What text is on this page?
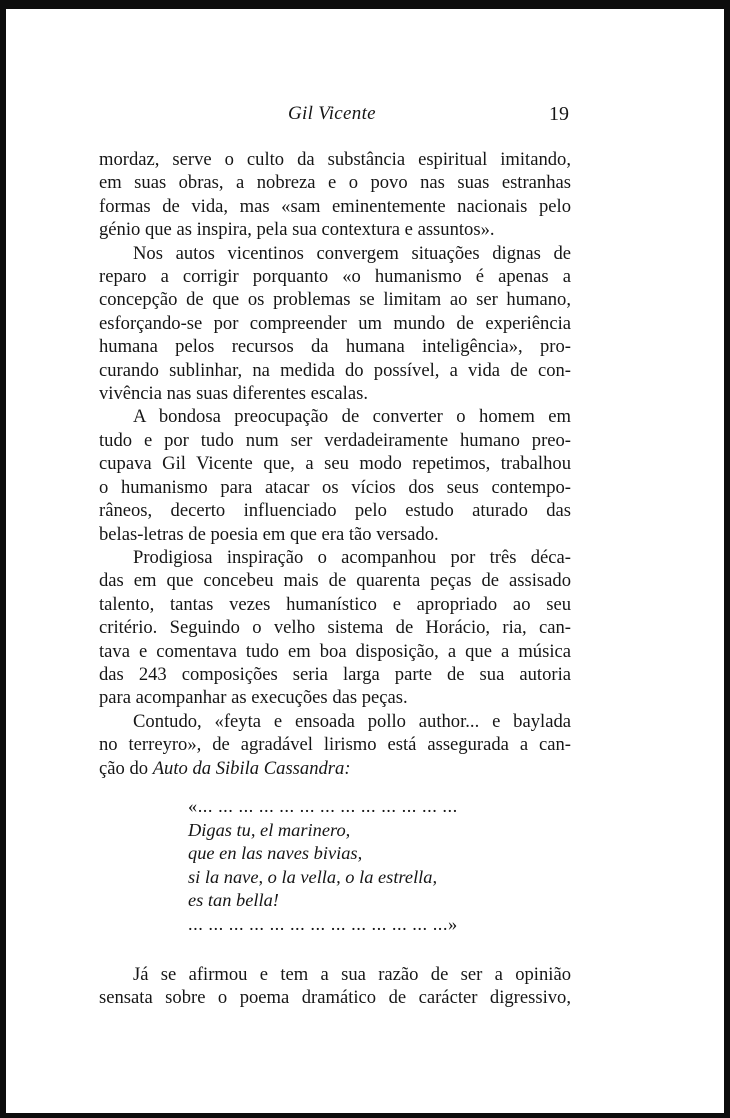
Gil Vicente	19

mordaz, serve o culto da substância espiritual imitando,
em suas obras, a nobreza e o povo nas suas estranhas
formas de vida, mas «sam eminentemente nacionais pelo
génio que as inspira, pela sua contextura e assuntos».

Nos autos vicentinos convergem situações dignas de

reparo a corrigir porquanto «o humanismo é apenas a
concepção de que os problemas se limitam ao ser humano,
esforçando-se por compreender um mundo de experiência
humana pelos recursos da humana inteligência», pro-
curando sublinhar, na medida do possível, a vida de con-
vivência nas suas diferentes escalas.

A bondosa preocupação de converter o homem em

tudo e por tudo num ser verdadeiramente humano preo-
cupava Gil Vicente que, a seu modo repetimos, trabalhou
o humanismo para atacar os vícios dos seus contempo-
râneos, decerto influenciado pelo estudo aturado das
belas-letras de poesia em que era tão versado.

Prodigiosa inspiração o acompanhou por três déca-

das em que concebeu mais de quarenta peças de assisado
talento, tantas vezes humanístico e apropriado ao seu
critério. Seguindo o velho sistema de Horácio, ria, can-
tava e comentava tudo em boa disposição, a que a música
das 243 composições seria larga parte de sua autoria
para acompanhar as execuções das peças.

Contudo, «feyta e ensoada pollo author... e baylada

no terreyro», de agradável lirismo está assegurada a can-
ção do Auto da Sibila Cassandra:

«... ... ... ... ... ... ... ... ... ... ... ... ...
Digas tu, el marinero,
que en las naves bivias,
si la nave, o la vella, o la estrella,
es tan bella!
... ... ... ... ... ... ... ... ... ... ... ... ...»

Já se afirmou e tem a sua razão de ser a opinião

sensata sobre o poema dramático de carácter digressivo,
